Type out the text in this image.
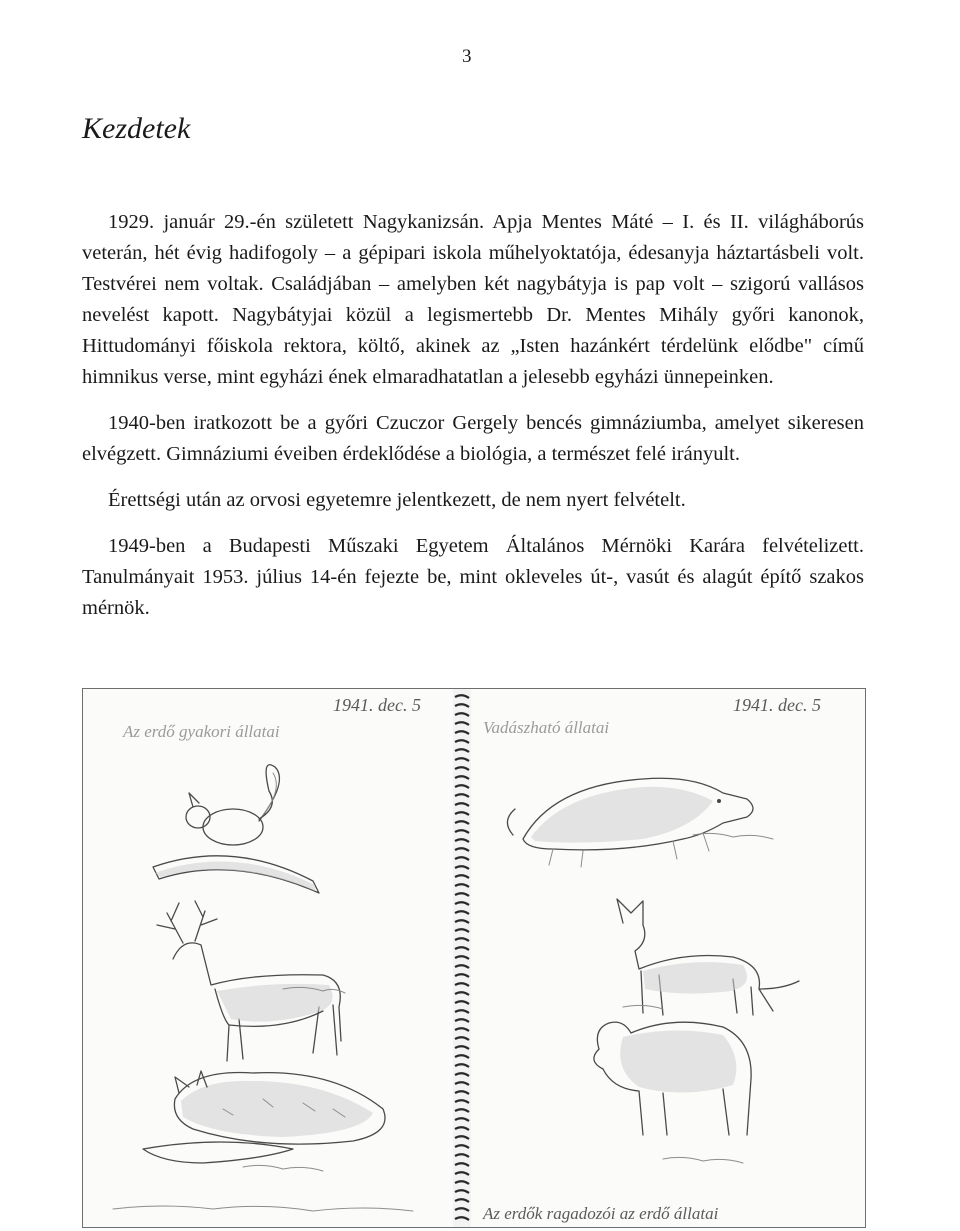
3
Kezdetek

1929. január 29.-én született Nagykanizsán. Apja Mentes Máté – I. és II. világháborús veterán, hét évig hadifogoly – a gépipari iskola műhelyoktatója, édesanyja háztartásbeli volt. Testvérei nem voltak. Családjában – amelyben két nagybátyja is pap volt – szigorú vallásos nevelést kapott. Nagybátyjai közül a legismertebb Dr. Mentes Mihály győri kanonok, Hittudományi főiskola rektora, költő, akinek az „Isten hazánkért térdelünk elődbe" című himnikus verse, mint egyházi ének elmaradhatatlan a jelesebb egyházi ünnepeinken.

1940-ben iratkozott be a győri Czuczor Gergely bencés gimnáziumba, amelyet sikeresen elvégzett. Gimnáziumi éveiben érdeklődése a biológia, a természet felé irányult.

Érettségi után az orvosi egyetemre jelentkezett, de nem nyert felvételt.

1949-ben a Budapesti Műszaki Egyetem Általános Mérnöki Karára felvételizett. Tanulmányait 1953. július 14-én fejezte be, mint okleveles út-, vasút és alagút építő szakos mérnök.

1941. dec. 5
Az erdő gyakori állatai
1941. dec. 5
Vadászható állatai
Az erdők ragadozói az erdő állatai
